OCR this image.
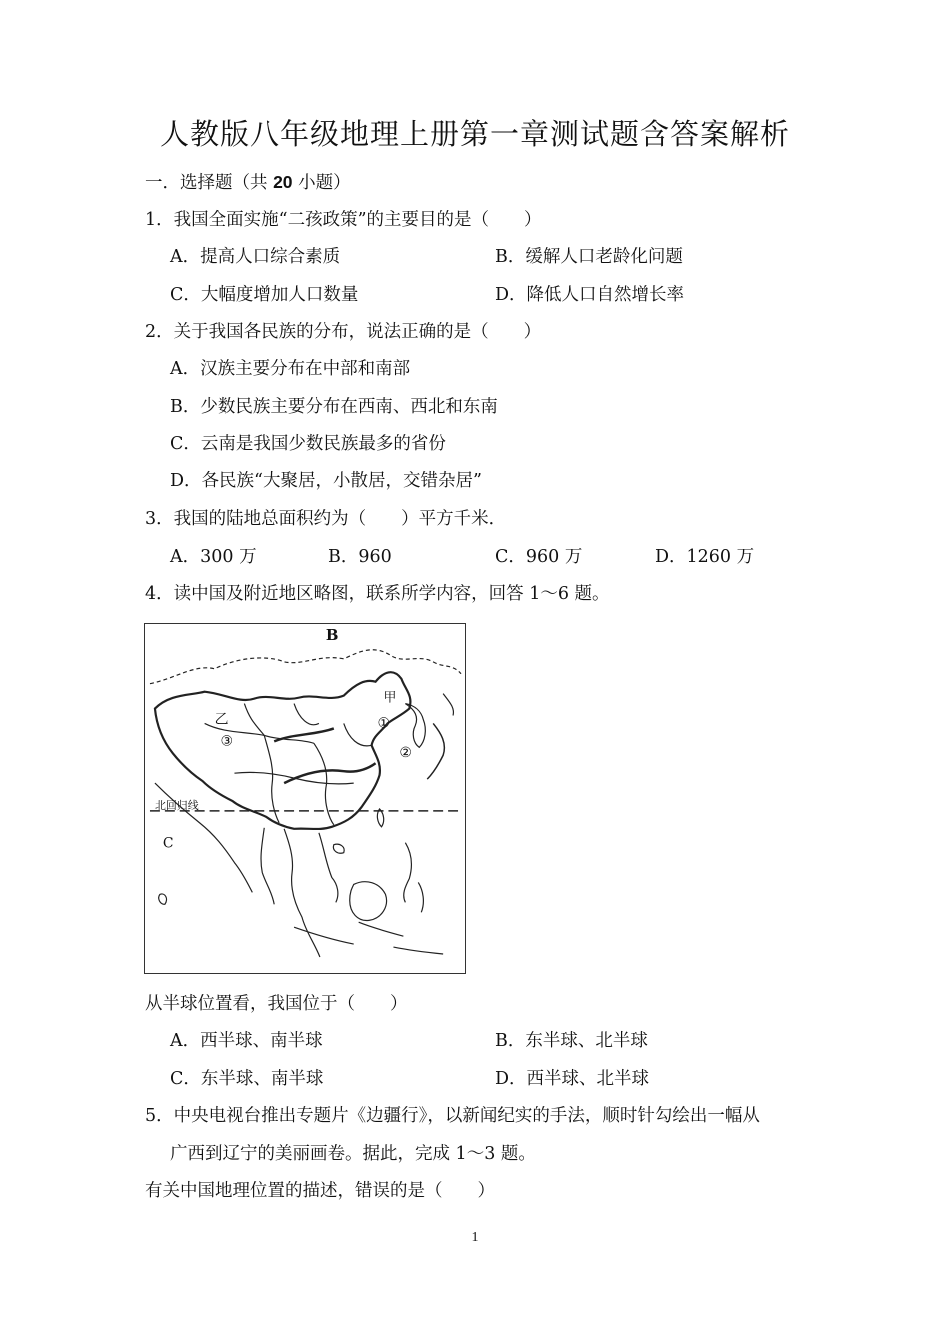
人教版八年级地理上册第一章测试题含答案解析
一．选择题（共 20 小题）
1．我国全面实施“二孩政策”的主要目的是（　　）
A．提高人口综合素质	B．缓解人口老龄化问题
C．大幅度增加人口数量	D．降低人口自然增长率
2．关于我国各民族的分布，说法正确的是（　　）
A．汉族主要分布在中部和南部
B．少数民族主要分布在西南、西北和东南
C．云南是我国少数民族最多的省份
D．各民族“大聚居，小散居，交错杂居”
3．我国的陆地总面积约为（　　）平方千米．
A．300 万	B．960	C．960 万	D．1260 万
4．读中国及附近地区略图，联系所学内容，回答 1～6 题。
B
C
乙
甲
①
②
③
北回归线
从半球位置看，我国位于（　　）
A．西半球、南半球	B．东半球、北半球
C．东半球、南半球	D．西半球、北半球
5．中央电视台推出专题片《边疆行》，以新闻纪实的手法，顺时针勾绘出一幅从
广西到辽宁的美丽画卷。据此，完成 1～3 题。
有关中国地理位置的描述，错误的是（　　）
1
